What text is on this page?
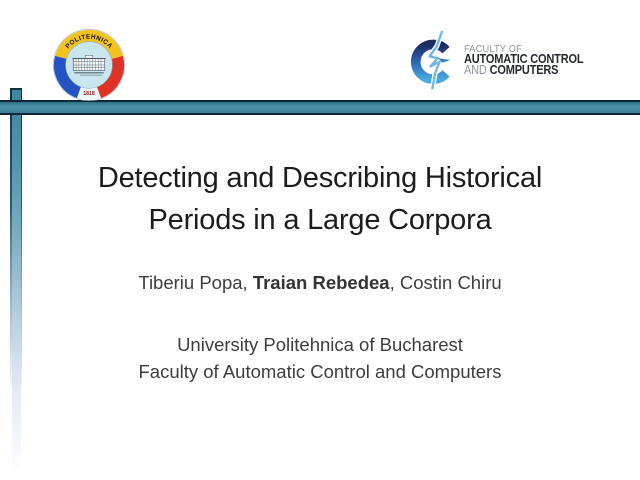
POLITEHNICA
1818
FACULTY OF
AUTOMATIC CONTROL
AND COMPUTERS
Detecting and Describing Historical
Periods in a Large Corpora
Tiberiu Popa, Traian Rebedea, Costin Chiru
University Politehnica of Bucharest
Faculty of Automatic Control and Computers
